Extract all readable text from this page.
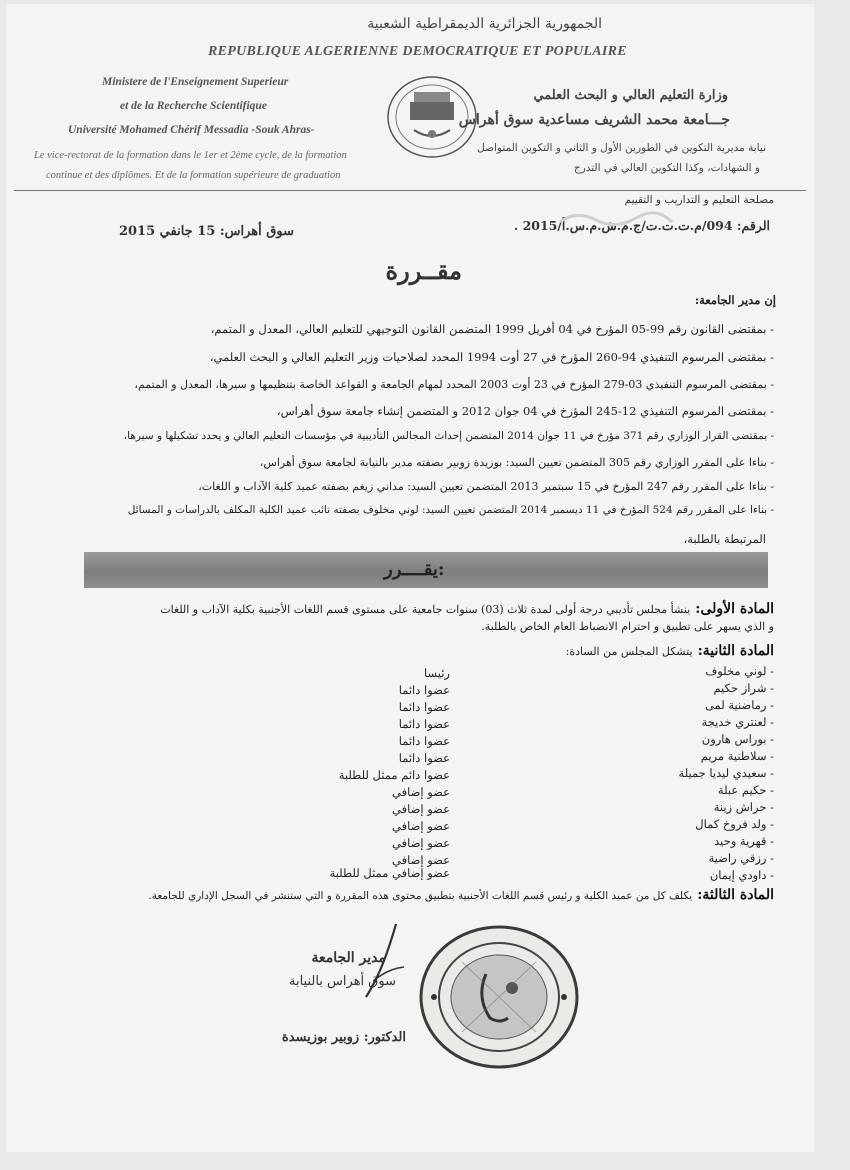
الجمهورية الجزائرية الديمقراطية الشعبية
REPUBLIQUE ALGERIENNE DEMOCRATIQUE ET POPULAIRE
Ministere de l'Enseignement Superieur
et de la Recherche Scientifique
Université Mohamed Chérif Messadia -Souk Ahras-
Le vice-rectorat de la formation dans le 1er et 2ème cycle, de la formation
continue et des diplômes. Et de la formation supérieure de graduation
وزارة التعليم العالي و البحث العلمي
جـــامعة محمد الشريف مساعدية سوق أهراس
نيابة مديرية التكوين في الطورين الأول و الثاني و التكوين المتواصل
و الشهادات، وكذا التكوين العالي في التدرج
مصلحة التعليم و التداريب و التقييم
الرقم: 094/م.ت.ت.ت/ج.م.ش.م.س.أ/2015 .
سوق أهراس: 15 جانفي 2015
مقــررة
إن مدير الجامعة:
- بمقتضى القانون رقم 99-05 المؤرخ في 04 أفريل 1999 المتضمن القانون التوجيهي للتعليم العالي، المعدل و المتمم،
- بمقتضى المرسوم التنفيذي 94-260 المؤرخ في 27 أوت 1994 المحدد لصلاحيات وزير التعليم العالي و البحث العلمي،
- بمقتضى المرسوم التنفيذي 03-279 المؤرخ في 23 أوت 2003 المحدد لمهام الجامعة و القواعد الخاصة بتنظيمها و سيرها، المعدل و المتمم،
- بمقتضى المرسوم التنفيذي 12-245 المؤرخ في 04 جوان 2012 و المتضمن إنشاء جامعة سوق أهراس،
- بمقتضى القرار الوزاري رقم 371 مؤرخ في 11 جوان 2014 المتضمن إحداث المجالس التأديبية في مؤسسات التعليم العالي و يحدد تشكيلها و سيرها،
- بناءا على المقرر الوزاري رقم 305 المتضمن تعيين السيد: بوزيدة زوبير بصفته مدير بالنيابة لجامعة سوق أهراس،
- بناءا على المقرر رقم 247 المؤرخ في 15 سبتمبر 2013 المتضمن تعيين السيد: مداني زيغم بصفته عميد كلية الآداب و اللغات،
- بناءا على المقرر رقم 524 المؤرخ في 11 ديسمبر 2014 المتضمن تعيين السيد: لوني مخلوف بصفته نائب عميد الكلية المكلف بالدراسات و المسائل
المرتبطة بالطلبة،
يقــــرر:
المادة الأولى: ينشأ مجلس تأديبي درجة أولى لمدة ثلاث (03) سنوات جامعية على مستوى قسم اللغات الأجنبية بكلية الآداب و اللغات
و الذي يسهر على تطبيق و احترام الانضباط العام الخاص بالطلبة.
المادة الثانية: يتشكل المجلس من السادة:
- لوني مخلوف
رئيسا
- شراز حكيم
عضوا دائما
- رماضنية لمى
عضوا دائما
- لعنتري خديجة
عضوا دائما
- بوراس هارون
عضوا دائما
- سلاطنية مريم
عضوا دائما
- سعيدي ليديا جميلة
عضوا دائم ممثل للطلبة
- حكيم عبلة
عضو إضافي
- حراش زينة
عضو إضافي
- ولد فروخ كمال
عضو إضافي
- قهرية وحيد
عضو إضافي
- رزقي راضية
عضو إضافي
- داودي إيمان
عضو إضافي ممثل للطلبة
المادة الثالثة: يكلف كل من عميد الكلية و رئيس قسم اللغات الأجنبية بتطبيق محتوى هذه المقررة و التي ستنشر في السجل الإداري للجامعة.
مدير الجامعة
سوق أهراس بالنيابة
الدكتور: زوبير بوزيسدة
